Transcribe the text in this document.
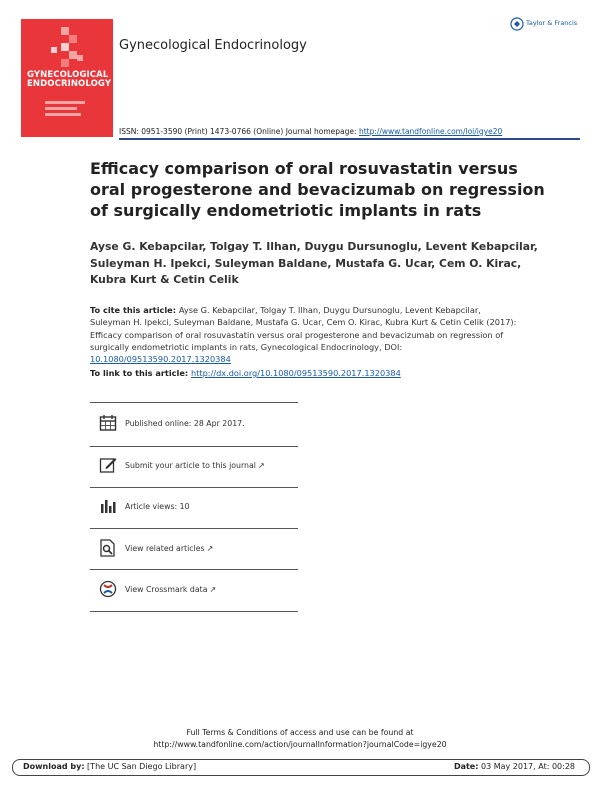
GYNECOLOGICAL ENDOCRINOLOGY
Gynecological Endocrinology
Taylor & Francis
ISSN: 0951-3590 (Print) 1473-0766 (Online) Journal homepage: http://www.tandfonline.com/loi/igye20
Efficacy comparison of oral rosuvastatin versus oral progesterone and bevacizumab on regression of surgically endometriotic implants in rats
Ayse G. Kebapcilar, Tolgay T. Ilhan, Duygu Dursunoglu, Levent Kebapcilar, Suleyman H. Ipekci, Suleyman Baldane, Mustafa G. Ucar, Cem O. Kirac, Kubra Kurt & Cetin Celik
To cite this article: Ayse G. Kebapcilar, Tolgay T. Ilhan, Duygu Dursunoglu, Levent Kebapcilar, Suleyman H. Ipekci, Suleyman Baldane, Mustafa G. Ucar, Cem O. Kirac, Kubra Kurt & Cetin Celik (2017): Efficacy comparison of oral rosuvastatin versus oral progesterone and bevacizumab on regression of surgically endometriotic implants in rats, Gynecological Endocrinology, DOI: 10.1080/09513590.2017.1320384
To link to this article: http://dx.doi.org/10.1080/09513590.2017.1320384
Published online: 28 Apr 2017.
Submit your article to this journal ↗
Article views: 10
View related articles ↗
View Crossmark data ↗
Full Terms & Conditions of access and use can be found at
http://www.tandfonline.com/action/journalInformation?journalCode=igye20
Download by: [The UC San Diego Library]	Date: 03 May 2017, At: 00:28
